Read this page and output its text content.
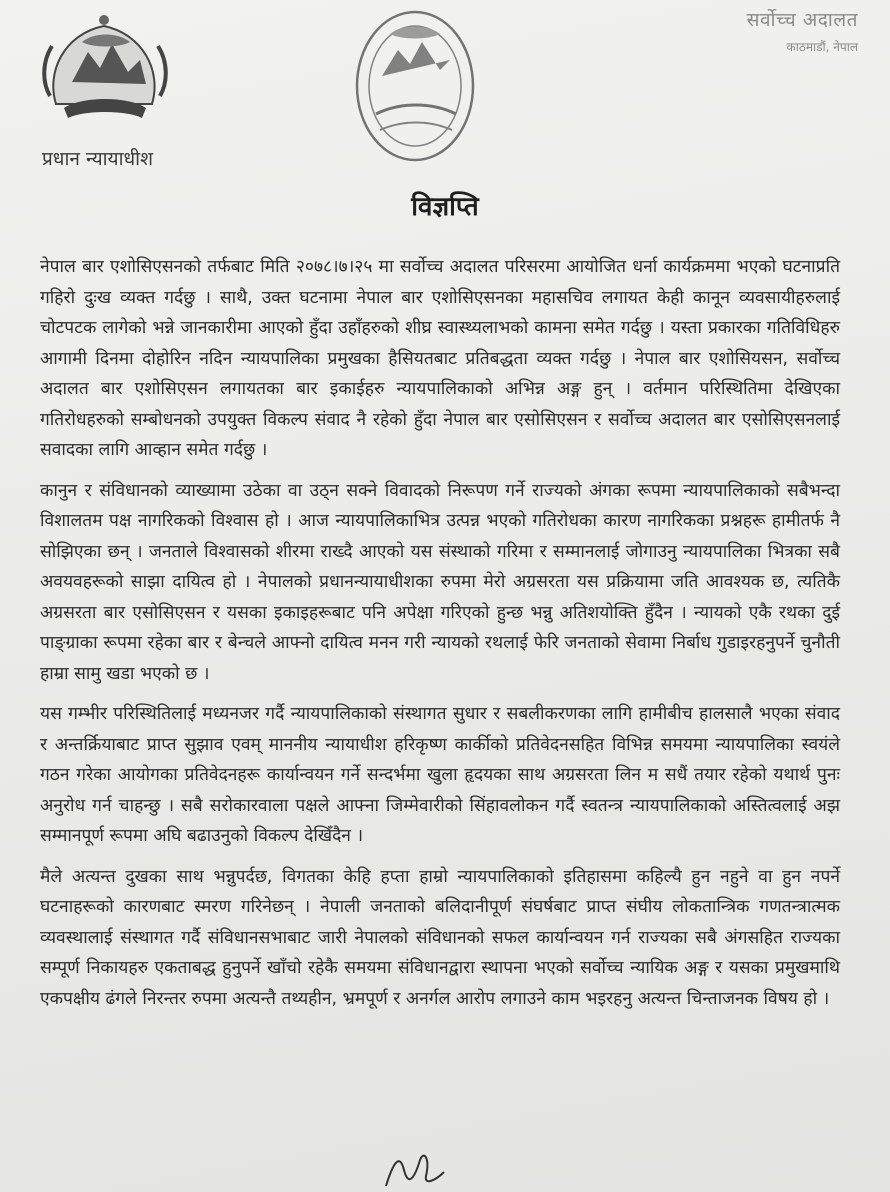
प्रधान न्यायाधीश
सर्वोच्च अदालत
काठमाडौं, नेपाल
विज्ञप्ति

नेपाल बार एशोसिएसनको तर्फबाट मिति २०७८।७।२५ मा सर्वोच्च अदालत परिसरमा आयोजित धर्ना कार्यक्रममा भएको घटनाप्रति गहिरो दुःख व्यक्त गर्दछु । साथै, उक्त घटनामा नेपाल बार एशोसिएसनका महासचिव लगायत केही कानून व्यवसायीहरुलाई चोटपटक लागेको भन्ने जानकारीमा आएको हुँदा उहाँहरुको शीघ्र स्वास्थ्यलाभको कामना समेत गर्दछु । यस्ता प्रकारका गतिविधिहरु आगामी दिनमा दोहोरिन नदिन न्यायपालिका प्रमुखका हैसियतबाट प्रतिबद्धता व्यक्त गर्दछु । नेपाल बार एशोसियसन, सर्वोच्च अदालत बार एशोसिएसन लगायतका बार इकाईहरु न्यायपालिकाको अभिन्न अङ्ग हुन् । वर्तमान परिस्थितिमा देखिएका गतिरोधहरुको सम्बोधनको उपयुक्त विकल्प संवाद नै रहेको हुँदा नेपाल बार एसोसिएसन र सर्वोच्च अदालत बार एसोसिएसनलाई सवादका लागि आव्हान समेत गर्दछु ।

कानुन र संविधानको व्याख्यामा उठेका वा उठ्न सक्ने विवादको निरूपण गर्ने राज्यको अंगका रूपमा न्यायपालिकाको सबैभन्दा विशालतम पक्ष नागरिकको विश्वास हो । आज न्यायपालिकाभित्र उत्पन्न भएको गतिरोधका कारण नागरिकका प्रश्नहरू हामीतर्फ नै सोझिएका छन् । जनताले विश्वासको शीरमा राख्दै आएको यस संस्थाको गरिमा र सम्मानलाई जोगाउनु न्यायपालिका भित्रका सबै अवयवहरूको साझा दायित्व हो । नेपालको प्रधानन्यायाधीशका रुपमा मेरो अग्रसरता यस प्रक्रियामा जति आवश्यक छ, त्यतिकै अग्रसरता बार एसोसिएसन र यसका इकाइहरूबाट पनि अपेक्षा गरिएको हुन्छ भन्नु अतिशयोक्ति हुँदैन । न्यायको एकै रथका दुई पाङ्ग्राका रूपमा रहेका बार र बेन्चले आफ्नो दायित्व मनन गरी न्यायको रथलाई फेरि जनताको सेवामा निर्बाध गुडाइरहनुपर्ने चुनौती हाम्रा सामु खडा भएको छ ।

यस गम्भीर परिस्थितिलाई मध्यनजर गर्दै न्यायपालिकाको संस्थागत सुधार र सबलीकरणका लागि हामीबीच हालसालै भएका संवाद र अन्तर्क्रियाबाट प्राप्त सुझाव एवम् माननीय न्यायाधीश हरिकृष्ण कार्कीको प्रतिवेदनसहित विभिन्न समयमा न्यायपालिका स्वयंले गठन गरेका आयोगका प्रतिवेदनहरू कार्यान्वयन गर्ने सन्दर्भमा खुला हृदयका साथ अग्रसरता लिन म सधैं तयार रहेको यथार्थ पुनः अनुरोध गर्न चाहन्छु । सबै सरोकारवाला पक्षले आफ्ना जिम्मेवारीको सिंहावलोकन गर्दै स्वतन्त्र न्यायपालिकाको अस्तित्वलाई अझ सम्मानपूर्ण रूपमा अघि बढाउनुको विकल्प देखिँदैन ।

मैले अत्यन्त दुखका साथ भन्नुपर्दछ, विगतका केहि हप्ता हाम्रो न्यायपालिकाको इतिहासमा कहिल्यै हुन नहुने वा हुन नपर्ने घटनाहरूको कारणबाट स्मरण गरिनेछन् । नेपाली जनताको बलिदानीपूर्ण संघर्षबाट प्राप्त संघीय लोकतान्त्रिक गणतन्त्रात्मक व्यवस्थालाई संस्थागत गर्दै संविधानसभाबाट जारी नेपालको संविधानको सफल कार्यान्वयन गर्न राज्यका सबै अंगसहित राज्यका सम्पूर्ण निकायहरु एकताबद्ध हुनुपर्ने खाँचो रहेकै समयमा संविधानद्वारा स्थापना भएको सर्वोच्च न्यायिक अङ्ग र यसका प्रमुखमाथि एकपक्षीय ढंगले निरन्तर रुपमा अत्यन्तै तथ्यहीन, भ्रमपूर्ण र अनर्गल आरोप लगाउने काम भइरहनु अत्यन्त चिन्ताजनक विषय हो ।
